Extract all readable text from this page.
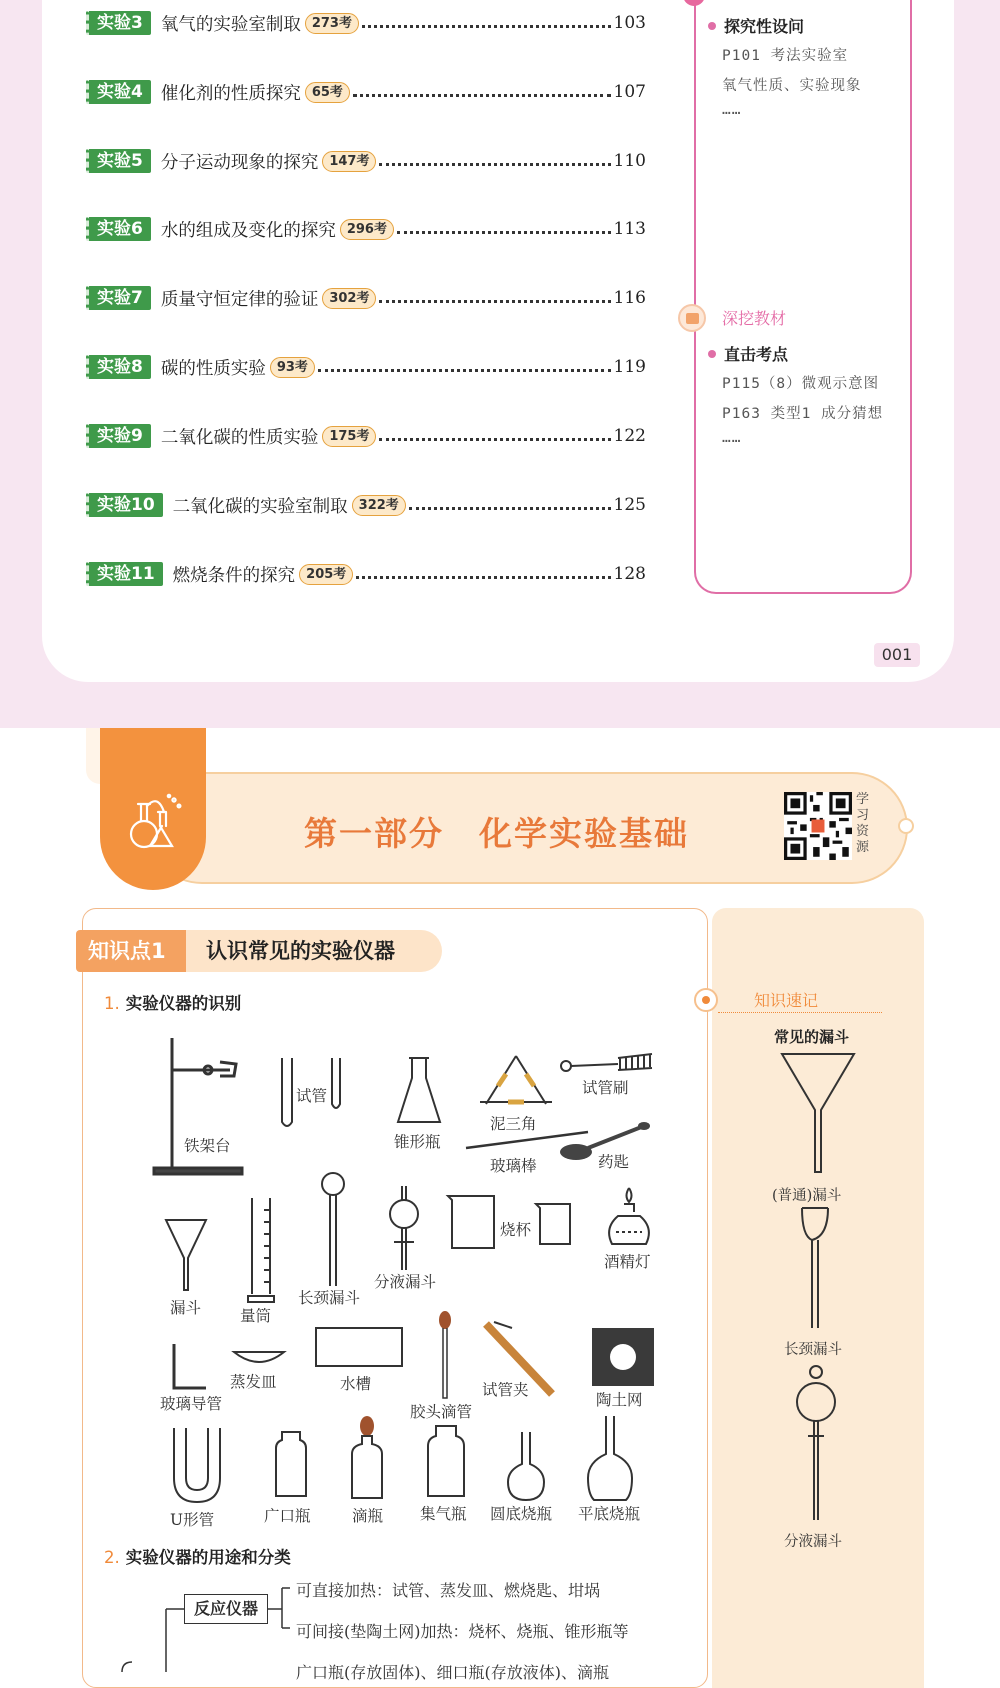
实验3	氧气的实验室制取 273考	103
实验4	催化剂的性质探究 65考	107
实验5	分子运动现象的探究 147考	110
实验6	水的组成及变化的探究 296考	113
实验7	质量守恒定律的验证 302考	116
实验8	碳的性质实验 93考	119
实验9	二氧化碳的性质实验 175考	122
实验10	二氧化碳的实验室制取 322考	125
实验11	燃烧条件的探究 205考	128
探究性设问
P101 考法实验室
氧气性质、实验现象
……
深挖教材
直击考点
P115（8）微观示意图
P163 类型1 成分猜想
……
001
第一部分　化学实验基础
学习资源
知识点1	认识常见的实验仪器
1. 实验仪器的识别
铁架台
试管
锥形瓶
泥三角
试管刷
玻璃棒	药匙
漏斗	量筒
长颈漏斗
分液漏斗
烧杯
酒精灯
玻璃导管
蒸发皿	水槽
胶头滴管
试管夹
陶土网
U形管	广口瓶	滴瓶 集气瓶 圆底烧瓶 平底烧瓶
2. 实验仪器的用途和分类
反应仪器
可直接加热：试管、蒸发皿、燃烧匙、坩埚
可间接(垫陶土网)加热：烧杯、烧瓶、锥形瓶等
广口瓶(存放固体)、细口瓶(存放液体)、滴瓶
知识速记
常见的漏斗
(普通)漏斗
长颈漏斗
分液漏斗
